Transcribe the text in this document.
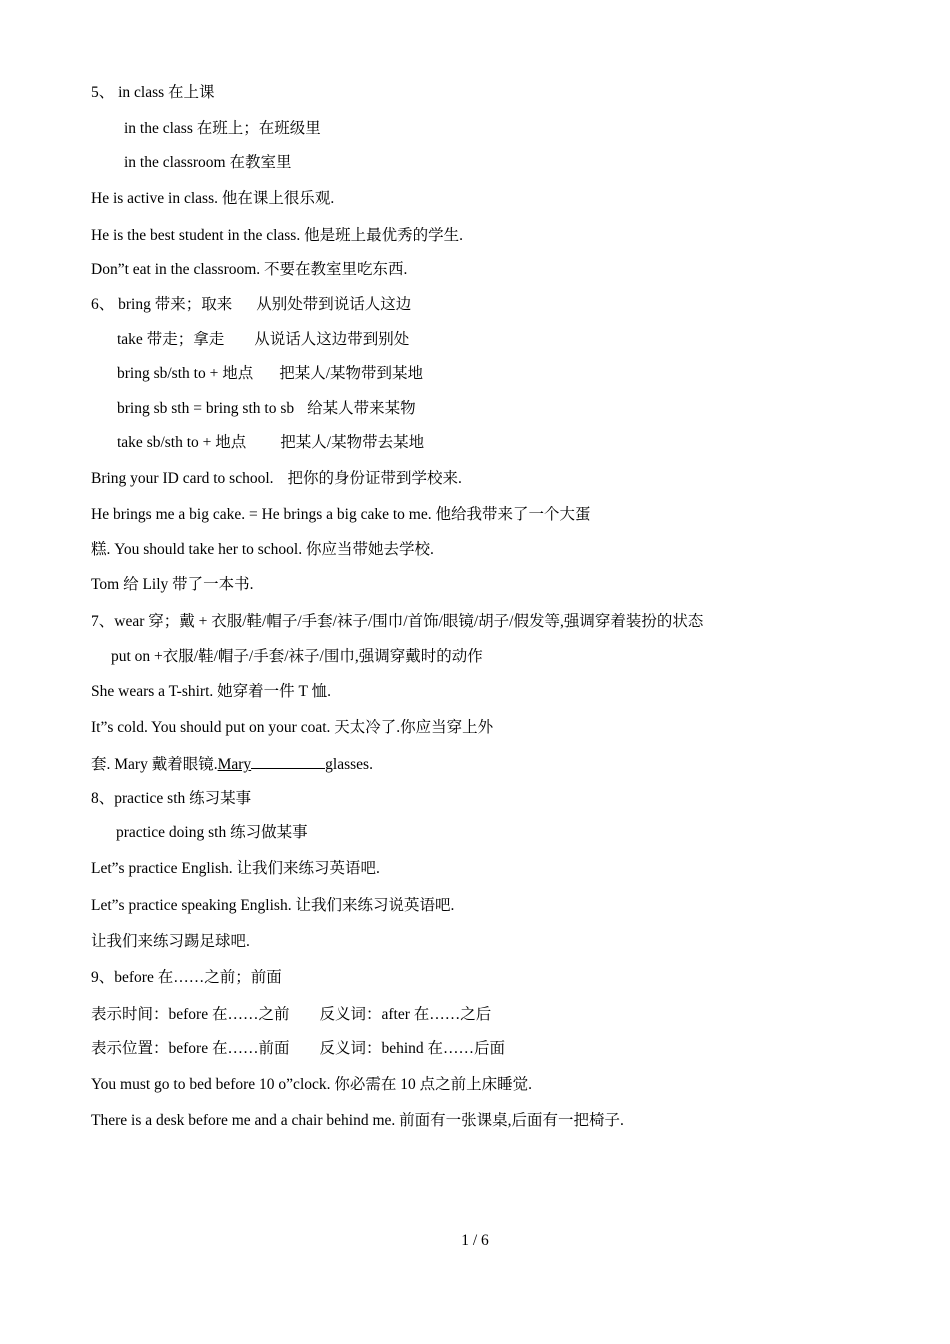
5、 in class 在上课
in the class 在班上；在班级里
in the classroom 在教室里
He is active in class. 他在课上很乐观.
He is the best student in the class. 他是班上最优秀的学生.
Don”t eat in the classroom. 不要在教室里吃东西.
6、 bring 带来；取来 从别处带到说话人这边
take 带走；拿走 从说话人这边带到别处
bring sb/sth to + 地点 把某人/某物带到某地
bring sb sth = bring sth to sb 给某人带来某物
take sb/sth to + 地点 把某人/某物带去某地
Bring your ID card to school. 把你的身份证带到学校来.
He brings me a big cake. = He brings a big cake to me. 他给我带来了一个大蛋
糕. You should take her to school. 你应当带她去学校.
Tom 给 Lily 带了一本书.
7、wear 穿；戴 + 衣服/鞋/帽子/手套/袜子/围巾/首饰/眼镜/胡子/假发等,强调穿着装扮的状态
put on +衣服/鞋/帽子/手套/袜子/围巾,强调穿戴时的动作
She wears a T-shirt. 她穿着一件 T 恤.
It”s cold. You should put on your coat. 天太冷了.你应当穿上外
套. Mary 戴着眼镜.Mary	glasses.
8、practice sth 练习某事
practice doing sth 练习做某事
Let”s practice English. 让我们来练习英语吧.
Let”s practice speaking English. 让我们来练习说英语吧.
让我们来练习踢足球吧.
9、before 在……之前；前面
表示时间：before 在……之前 反义词：after 在……之后
表示位置：before 在……前面 反义词：behind 在……后面
You must go to bed before 10 o”clock. 你必需在 10 点之前上床睡觉.
There is a desk before me and a chair behind me. 前面有一张课桌,后面有一把椅子.
1 / 6
